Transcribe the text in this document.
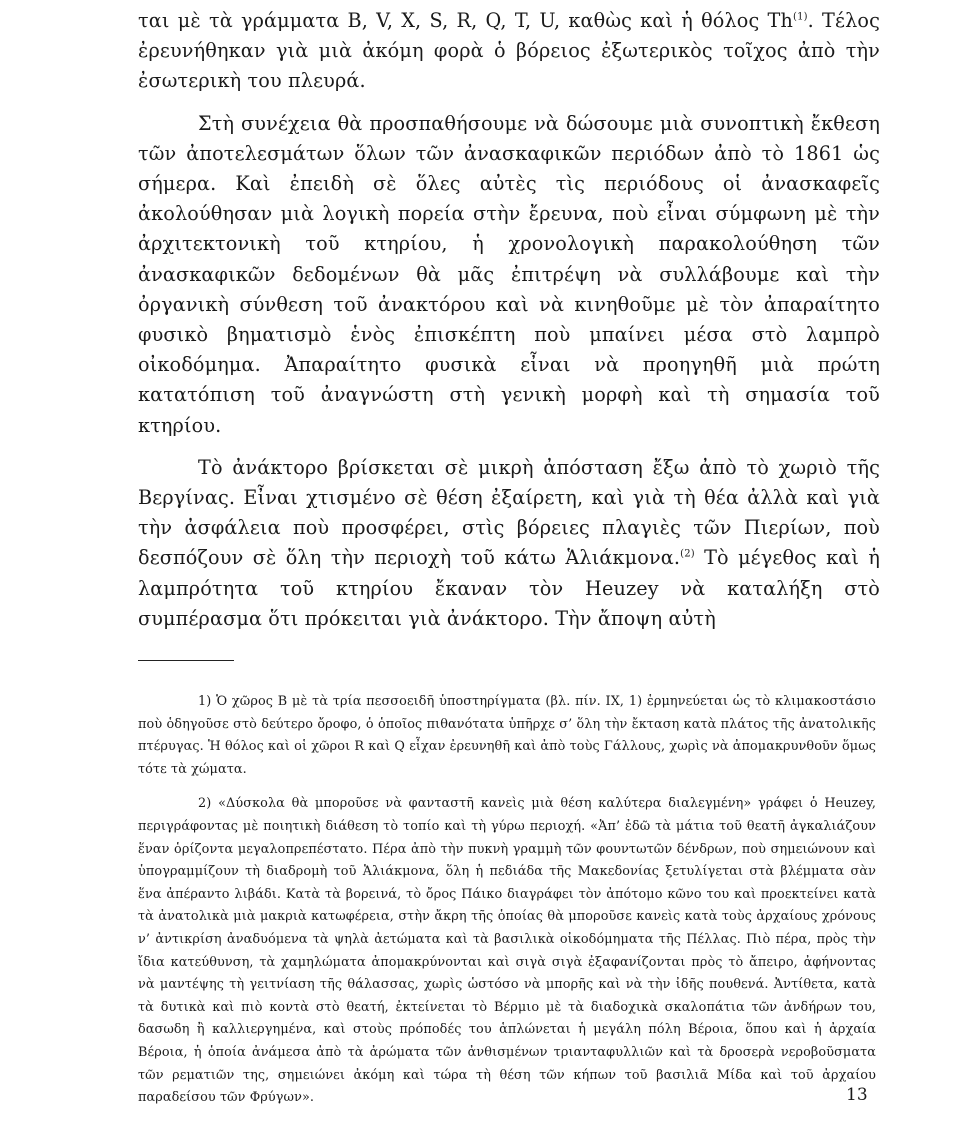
ται μὲ τὰ γράμματα B, V, X, S, R, Q, T, U, καθὼς καὶ ἡ θόλος Th$^{(1)}$. Τέλος ἐρευνήθηκαν γιὰ μιὰ ἀκόμη φορὰ ὁ βόρειος ἐξωτερικὸς τοῖχος ἀπὸ τὴν ἐσωτερικὴ του πλευρά.

Στὴ συνέχεια θὰ προσπαθήσουμε νὰ δώσουμε μιὰ συνοπτικὴ ἔκθεση τῶν ἀποτελεσμάτων ὅλων τῶν ἀνασκαφικῶν περιόδων ἀπὸ τὸ 1861 ὡς σήμερα. Καὶ ἐπειδὴ σὲ ὅλες αὐτὲς τὶς περιόδους οἱ ἀνασκαφεῖς ἀκολούθησαν μιὰ λογικὴ πορεία στὴν ἔρευνα, ποὺ εἶναι σύμφωνη μὲ τὴν ἀρχιτεκτονικὴ τοῦ κτηρίου, ἡ χρονολογικὴ παρακολούθηση τῶν ἀνασκαφικῶν δεδομένων θὰ μᾶς ἐπιτρέψη νὰ συλλάβουμε καὶ τὴν ὀργανικὴ σύνθεση τοῦ ἀνακτόρου καὶ νὰ κινηθοῦμε μὲ τὸν ἀπαραίτητο φυσικὸ βηματισμὸ ἑνὸς ἐπισκέπτη ποὺ μπαίνει μέσα στὸ λαμπρὸ οἰκοδόμημα. Ἀπαραίτητο φυσικὰ εἶναι νὰ προηγηθῆ μιὰ πρώτη κατατόπιση τοῦ ἀναγνώστη στὴ γενικὴ μορφὴ καὶ τὴ σημασία τοῦ κτηρίου.

Τὸ ἀνάκτορο βρίσκεται σὲ μικρὴ ἀπόσταση ἔξω ἀπὸ τὸ χωριὸ τῆς Βεργίνας. Εἶναι χτισμένο σὲ θέση ἐξαίρετη, καὶ γιὰ τὴ θέα ἀλλὰ καὶ γιὰ τὴν ἀσφάλεια ποὺ προσφέρει, στὶς βόρειες πλαγιὲς τῶν Πιερίων, ποὺ δεσπόζουν σὲ ὅλη τὴν περιοχὴ τοῦ κάτω Ἁλιάκμονα.$^{(2)}$ Τὸ μέγεθος καὶ ἡ λαμπρότητα τοῦ κτηρίου ἔκαναν τὸν Heuzey νὰ καταλήξη στὸ συμπέρασμα ὅτι πρόκειται γιὰ ἀνάκτορο. Τὴν ἄποψη αὐτὴ

1) Ὁ χῶρος B μὲ τὰ τρία πεσσοειδῆ ὑποστηρίγματα (βλ. πίν. IX, 1) ἑρμηνεύεται ὡς τὸ κλιμακοστάσιο ποὺ ὁδηγοῦσε στὸ δεύτερο ὄροφο, ὁ ὁποῖος πιθανότατα ὑπῆρχε σ’ ὅλη τὴν ἔκταση κατὰ πλάτος τῆς ἀνατολικῆς πτέρυγας. Ἡ θόλος καὶ οἱ χῶροι R καὶ Q εἶχαν ἐρευνηθῆ καὶ ἀπὸ τοὺς Γάλλους, χωρὶς νὰ ἀπομακρυνθοῦν ὅμως τότε τὰ χώματα.

2) «Δύσκολα θὰ μποροῦσε νὰ φανταστῆ κανεὶς μιὰ θέση καλύτερα διαλεγμένη» γράφει ὁ Heuzey, περιγράφοντας μὲ ποιητικὴ διάθεση τὸ τοπίο καὶ τὴ γύρω περιοχή. «Ἀπ’ ἐδῶ τὰ μάτια τοῦ θεατῆ ἀγκαλιάζουν ἕναν ὁρίζοντα μεγαλοπρεπέστατο. Πέρα ἀπὸ τὴν πυκνὴ γραμμὴ τῶν φουντωτῶν δένδρων, ποὺ σημειώνουν καὶ ὑπογραμμίζουν τὴ διαδρομὴ τοῦ Ἁλιάκμονα, ὅλη ἡ πεδιάδα τῆς Μακεδονίας ξετυλίγεται στὰ βλέμματα σὰν ἕνα ἀπέραντο λιβάδι. Κατὰ τὰ βορεινά, τὸ ὄρος Πάικο διαγράφει τὸν ἀπότομο κῶνο του καὶ προεκτείνει κατὰ τὰ ἀνατολικὰ μιὰ μακριὰ κατωφέρεια, στὴν ἄκρη τῆς ὁποίας θὰ μποροῦσε κανεὶς κατὰ τοὺς ἀρχαίους χρόνους ν’ ἀντικρίση ἀναδυόμενα τὰ ψηλὰ ἀετώματα καὶ τὰ βασιλικὰ οἰκοδόμηματα τῆς Πέλλας. Πιὸ πέρα, πρὸς τὴν ἴδια κατεύθυνση, τὰ χαμηλώματα ἀπομακρύνονται καὶ σιγὰ σιγὰ ἐξαφανίζονται πρὸς τὸ ἄπειρο, ἀφήνοντας νὰ μαντέψης τὴ γειτνίαση τῆς θάλασσας, χωρὶς ὡστόσο νὰ μπορῆς καὶ νὰ τὴν ἰδῆς πουθενά. Ἀντίθετα, κατὰ τὰ δυτικὰ καὶ πιὸ κοντὰ στὸ θεατή, ἐκτείνεται τὸ Βέρμιο μὲ τὰ διαδοχικὰ σκαλοπάτια τῶν ἀνδήρων του, δασωδη ἢ καλλιεργημένα, καὶ στοὺς πρόποδές του ἁπλώνεται ἡ μεγάλη πόλη Βέροια, ὅπου καὶ ἡ ἀρχαία Βέροια, ἡ ὁποία ἀνάμεσα ἀπὸ τὰ ἀρώματα τῶν ἀνθισμένων τριανταφυλλιῶν καὶ τὰ δροσερὰ νεροβοῦσματα τῶν ρεματιῶν της, σημειώνει ἀκόμη καὶ τώρα τὴ θέση τῶν κήπων τοῦ βασιλιᾶ Μίδα καὶ τοῦ ἀρχαίου παραδείσου τῶν Φρύγων».	13
